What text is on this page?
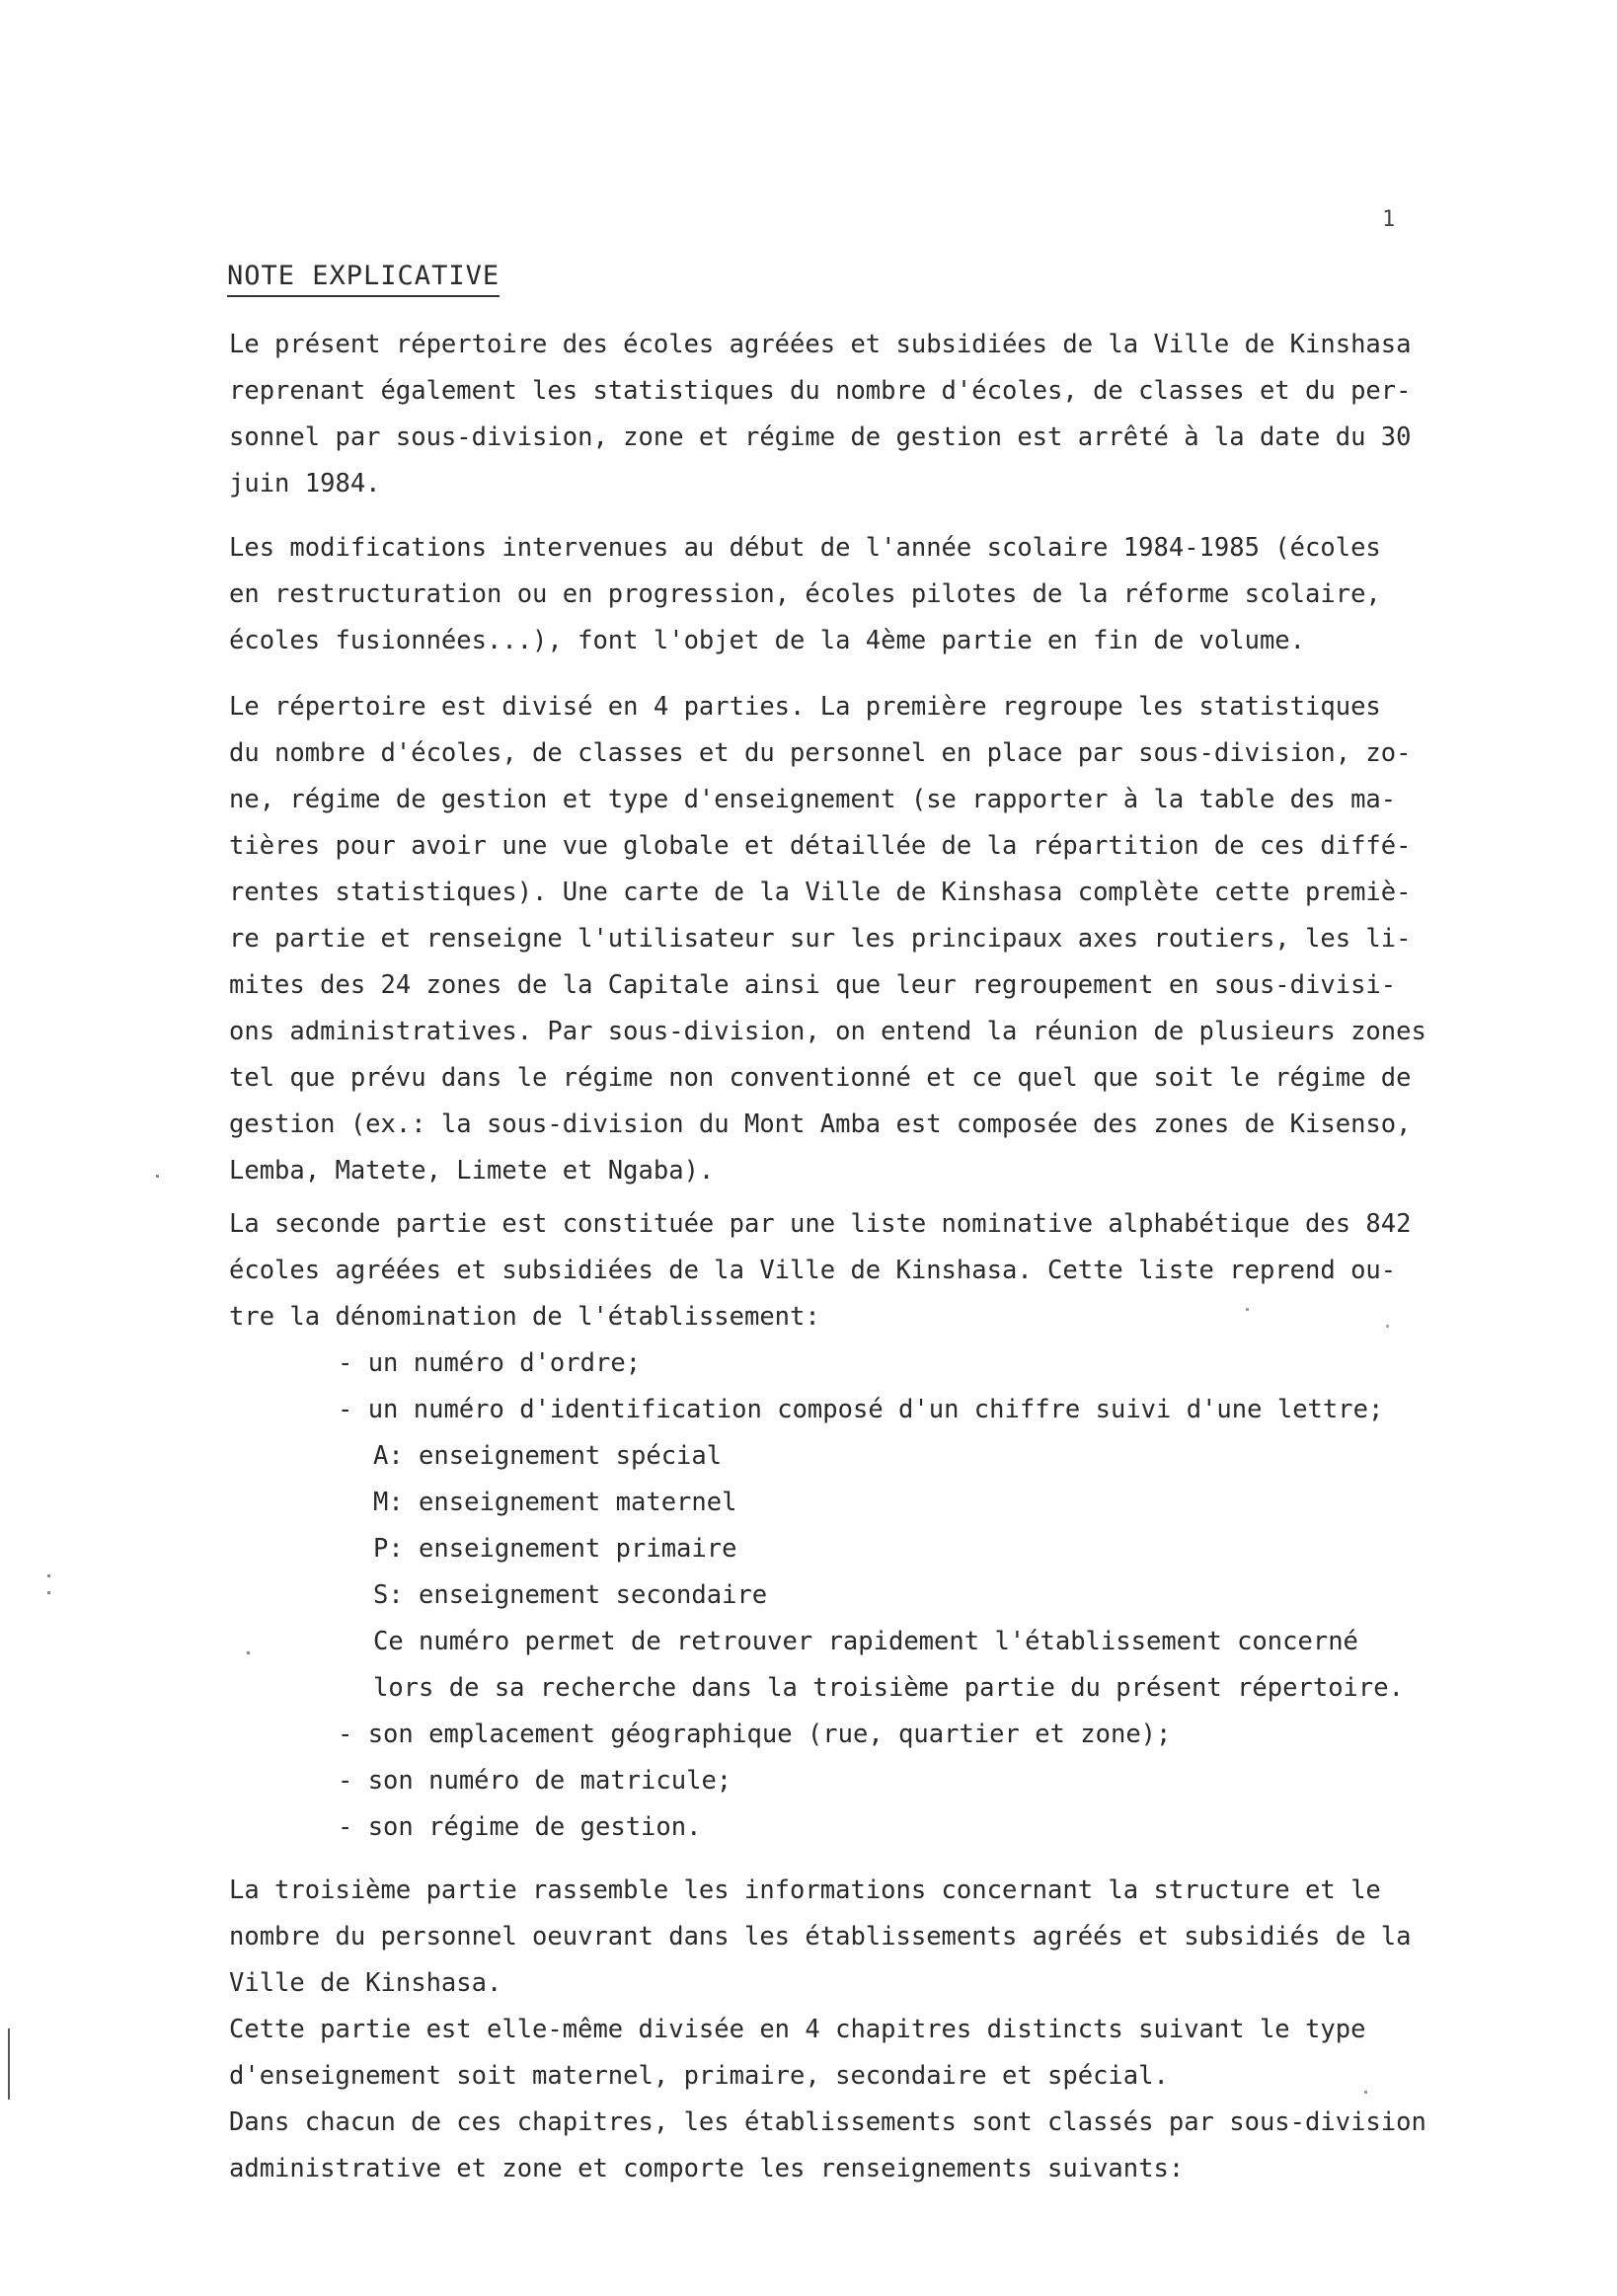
1
NOTE EXPLICATIVE
Le présent répertoire des écoles agréées et subsidiées de la Ville de Kinshasa
reprenant également les statistiques du nombre d'écoles, de classes et du per-
sonnel par sous-division, zone et régime de gestion est arrêté à la date du 30
juin 1984.
Les modifications intervenues au début de l'année scolaire 1984-1985 (écoles
en restructuration ou en progression, écoles pilotes de la réforme scolaire,
écoles fusionnées...), font l'objet de la 4ème partie en fin de volume.
Le répertoire est divisé en 4 parties. La première regroupe les statistiques
du nombre d'écoles, de classes et du personnel en place par sous-division, zo-
ne, régime de gestion et type d'enseignement (se rapporter à la table des ma-
tières pour avoir une vue globale et détaillée de la répartition de ces diffé-
rentes statistiques). Une carte de la Ville de Kinshasa complète cette premiè-
re partie et renseigne l'utilisateur sur les principaux axes routiers, les li-
mites des 24 zones de la Capitale ainsi que leur regroupement en sous-divisi-
ons administratives. Par sous-division, on entend la réunion de plusieurs zones
tel que prévu dans le régime non conventionné et ce quel que soit le régime de
gestion (ex.: la sous-division du Mont Amba est composée des zones de Kisenso,
Lemba, Matete, Limete et Ngaba).
La seconde partie est constituée par une liste nominative alphabétique des 842
écoles agréées et subsidiées de la Ville de Kinshasa. Cette liste reprend ou-
tre la dénomination de l'établissement:
- un numéro d'ordre;
- un numéro d'identification composé d'un chiffre suivi d'une lettre;
A: enseignement spécial
M: enseignement maternel
P: enseignement primaire
S: enseignement secondaire
Ce numéro permet de retrouver rapidement l'établissement concerné
lors de sa recherche dans la troisième partie du présent répertoire.
- son emplacement géographique (rue, quartier et zone);
- son numéro de matricule;
- son régime de gestion.
La troisième partie rassemble les informations concernant la structure et le
nombre du personnel oeuvrant dans les établissements agréés et subsidiés de la
Ville de Kinshasa.
Cette partie est elle-même divisée en 4 chapitres distincts suivant le type
d'enseignement soit maternel, primaire, secondaire et spécial.
Dans chacun de ces chapitres, les établissements sont classés par sous-division
administrative et zone et comporte les renseignements suivants:
